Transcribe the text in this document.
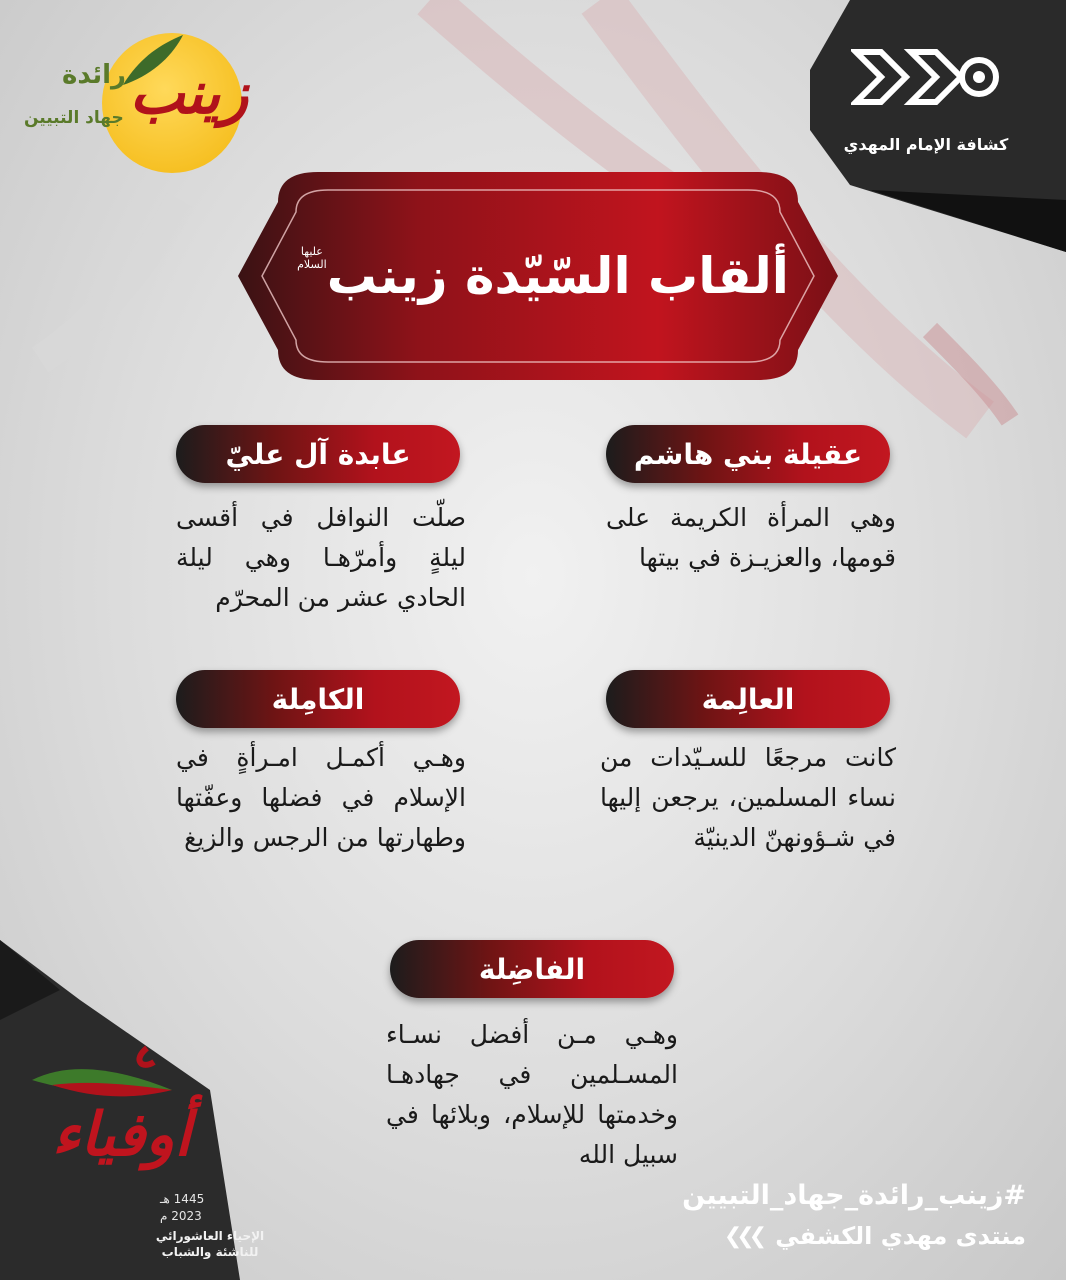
كشافة الإمام المهدي
زينب
رائدة
جهاد التبيين
ألقاب السّيّدة زينب
عليها
السلام
عقيلة بني هاشم
وهي المرأة الكريمة على قومها، والعزيـزة في بيتها
عابدة آل عليّ
صلّت النوافل في أقسى ليلةٍ وأمرّهـا وهي ليلة الحادي عشر من المحرّم
العالِمة
كانت مرجعًا للسـيّدات من نساء المسلمين، يرجعن إليها في شـؤونهنّ الدينيّة
الكامِلة
وهـي أكمـل امـرأةٍ في الإسلام في فضلها وعفّتها وطهارتها من الرجس والزيغ
الفاضِلة
وهـي مـن أفضل نسـاء المسـلمين في جهادهـا وخدمتها للإسلام، وبلائها في سبيل الله
أوفياء
1445 هـ
2023 م
الإحياء العاشورائي
للناشئة والشباب
#زينب_رائدة_جهاد_التبيين
منتدى مهدي الكشفي
❮❮❮
